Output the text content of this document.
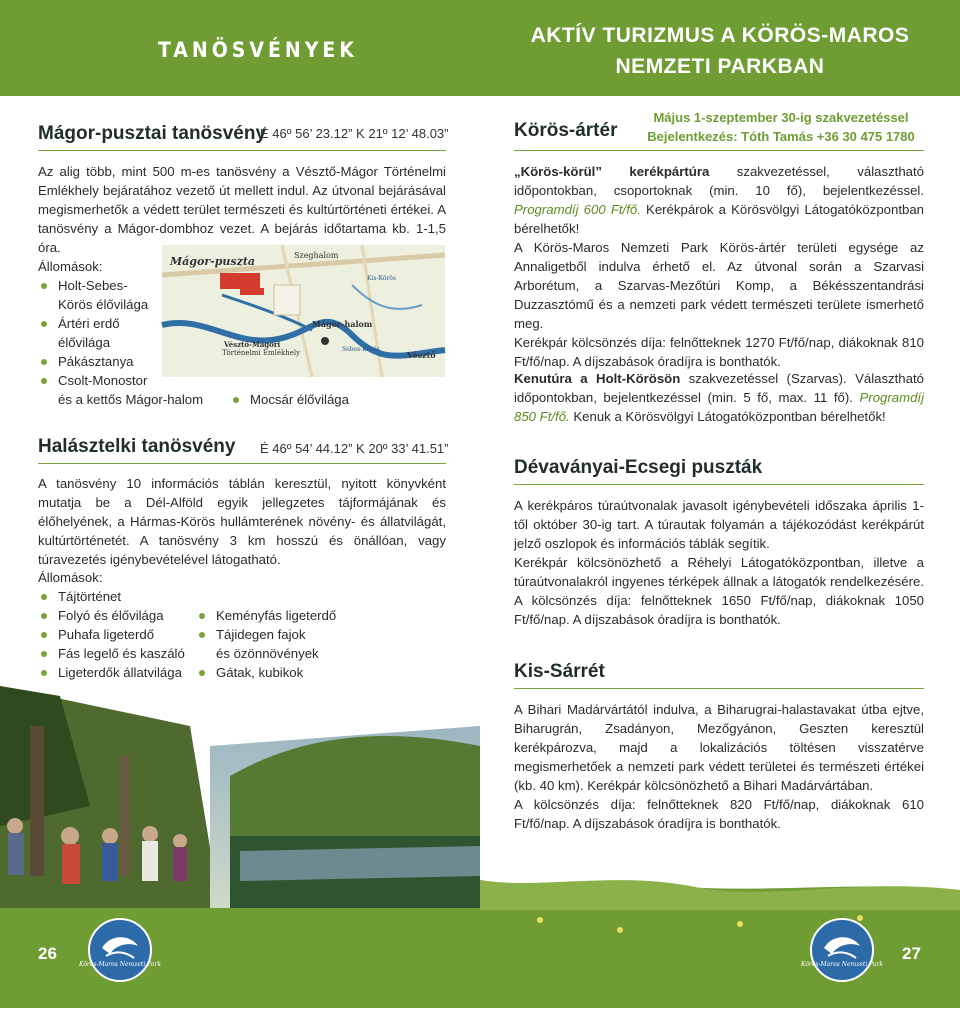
TANÖSVÉNYEK
Mágor-pusztai tanösvény
É 46º 56’ 23.12” K 21º 12’ 48.03”
Az alig több, mint 500 m-es tanösvény a Vésztő-Mágor Történelmi Emlékhely bejáratához vezető út mellett indul. Az útvonal bejárásával megismerhetők a védett terület természeti és kultúrtörténeti értékei. A tanösvény a Mágor-dombhoz vezet. A bejárás időtartama kb. 1-1,5 óra.
Állomások:
Holt-Sebes-
Körös élővilága
Ártéri erdő
élővilága
Pákásztanya
Csolt-Monostor
és a kettős Mágor-halom	Mocsár élővilága
Mágor-puszta	Szeghalom
Mágor-halom
Vésztő-Mágori
Történelmi Emlékhely	Vésztő
Sebes-Körös
Kis-Körös
Halásztelki tanösvény É 46º 54’ 44.12” K 20º 33’ 41.51”
A tanösvény 10 információs táblán keresztül, nyitott könyvként mutatja be a Dél-Alföld egyik jellegzetes tájformájának és élőhelyének, a Hármas-Körös hullámterének növény- és állatvilágát, kultúrtörténetét. A tanösvény 3 km hosszú és önállóan, vagy túravezetés igénybevételével látogatható.
Állomások:
Tájtörténet
Folyó és élővilága
Puhafa ligeterdő
Fás legelő és kaszáló
Ligeterdők állatvilága
Keményfás ligeterdő
Tájidegen fajok
és özönnövények
Gátak, kubikok
26
Körös-Maros Nemzeti Park
AKTÍV TURIZMUS A KÖRÖS-MAROS
NEMZETI PARKBAN
Körös-ártér
Május 1-szeptember 30-ig szakvezetéssel
Bejelentkezés: Tóth Tamás +36 30 475 1780
„Körös-körül” kerékpártúra szakvezetéssel, választható időpontokban, csoportoknak (min. 10 fő), bejelentkezéssel. Programdíj 600 Ft/fő. Kerékpárok a Körösvölgyi Látogatóközpontban bérelhetők!
A Körös-Maros Nemzeti Park Körös-ártér területi egysége az Annaligetből indulva érhető el. Az útvonal során a Szarvasi Arborétum, a Szarvas-Mezőtúri Komp, a Békésszentandrási Duzzasztómű és a nemzeti park védett természeti területe ismerhető meg.
Kerékpár kölcsönzés díja: felnőtteknek 1270 Ft/fő/nap, diákoknak 810 Ft/fő/nap. A díjszabások óradíjra is bonthatók.
Kenutúra a Holt-Körösön szakvezetéssel (Szarvas). Választható időpontokban, bejelentkezéssel (min. 5 fő, max. 11 fő). Programdíj 850 Ft/fő. Kenuk a Körösvölgyi Látogatóközpontban bérelhetők!
Dévaványai-Ecsegi puszták
A kerékpáros túraútvonalak javasolt igénybevételi időszaka április 1-től október 30-ig tart. A túrautak folyamán a tájékozódást kerékpárút jelző oszlopok és információs táblák segítik.
Kerékpár kölcsönözhető a Réhelyi Látogatóközpontban, illetve a túraútvonalakról ingyenes térképek állnak a látogatók rendelkezésére. A kölcsönzés díja: felnőtteknek 1650 Ft/fő/nap, diákoknak 1050 Ft/fő/nap. A díjszabások óradíjra is bonthatók.
Kis-Sárrét
A Bihari Madárvártától indulva, a Biharugrai-halastavakat útba ejtve, Biharugrán, Zsadányon, Mezőgyánon, Geszten keresztül kerékpározva, majd a lokalizációs töltésen visszatérve megismerhetőek a nemzeti park védett területei és természeti értékei (kb. 40 km). Kerékpár kölcsönözhető a Bihari Madárvártában.
A kölcsönzés díja: felnőtteknek 820 Ft/fő/nap, diákoknak 610 Ft/fő/nap. A díjszabások óradíjra is bonthatók.
27
Körös-Maros Nemzeti Park
